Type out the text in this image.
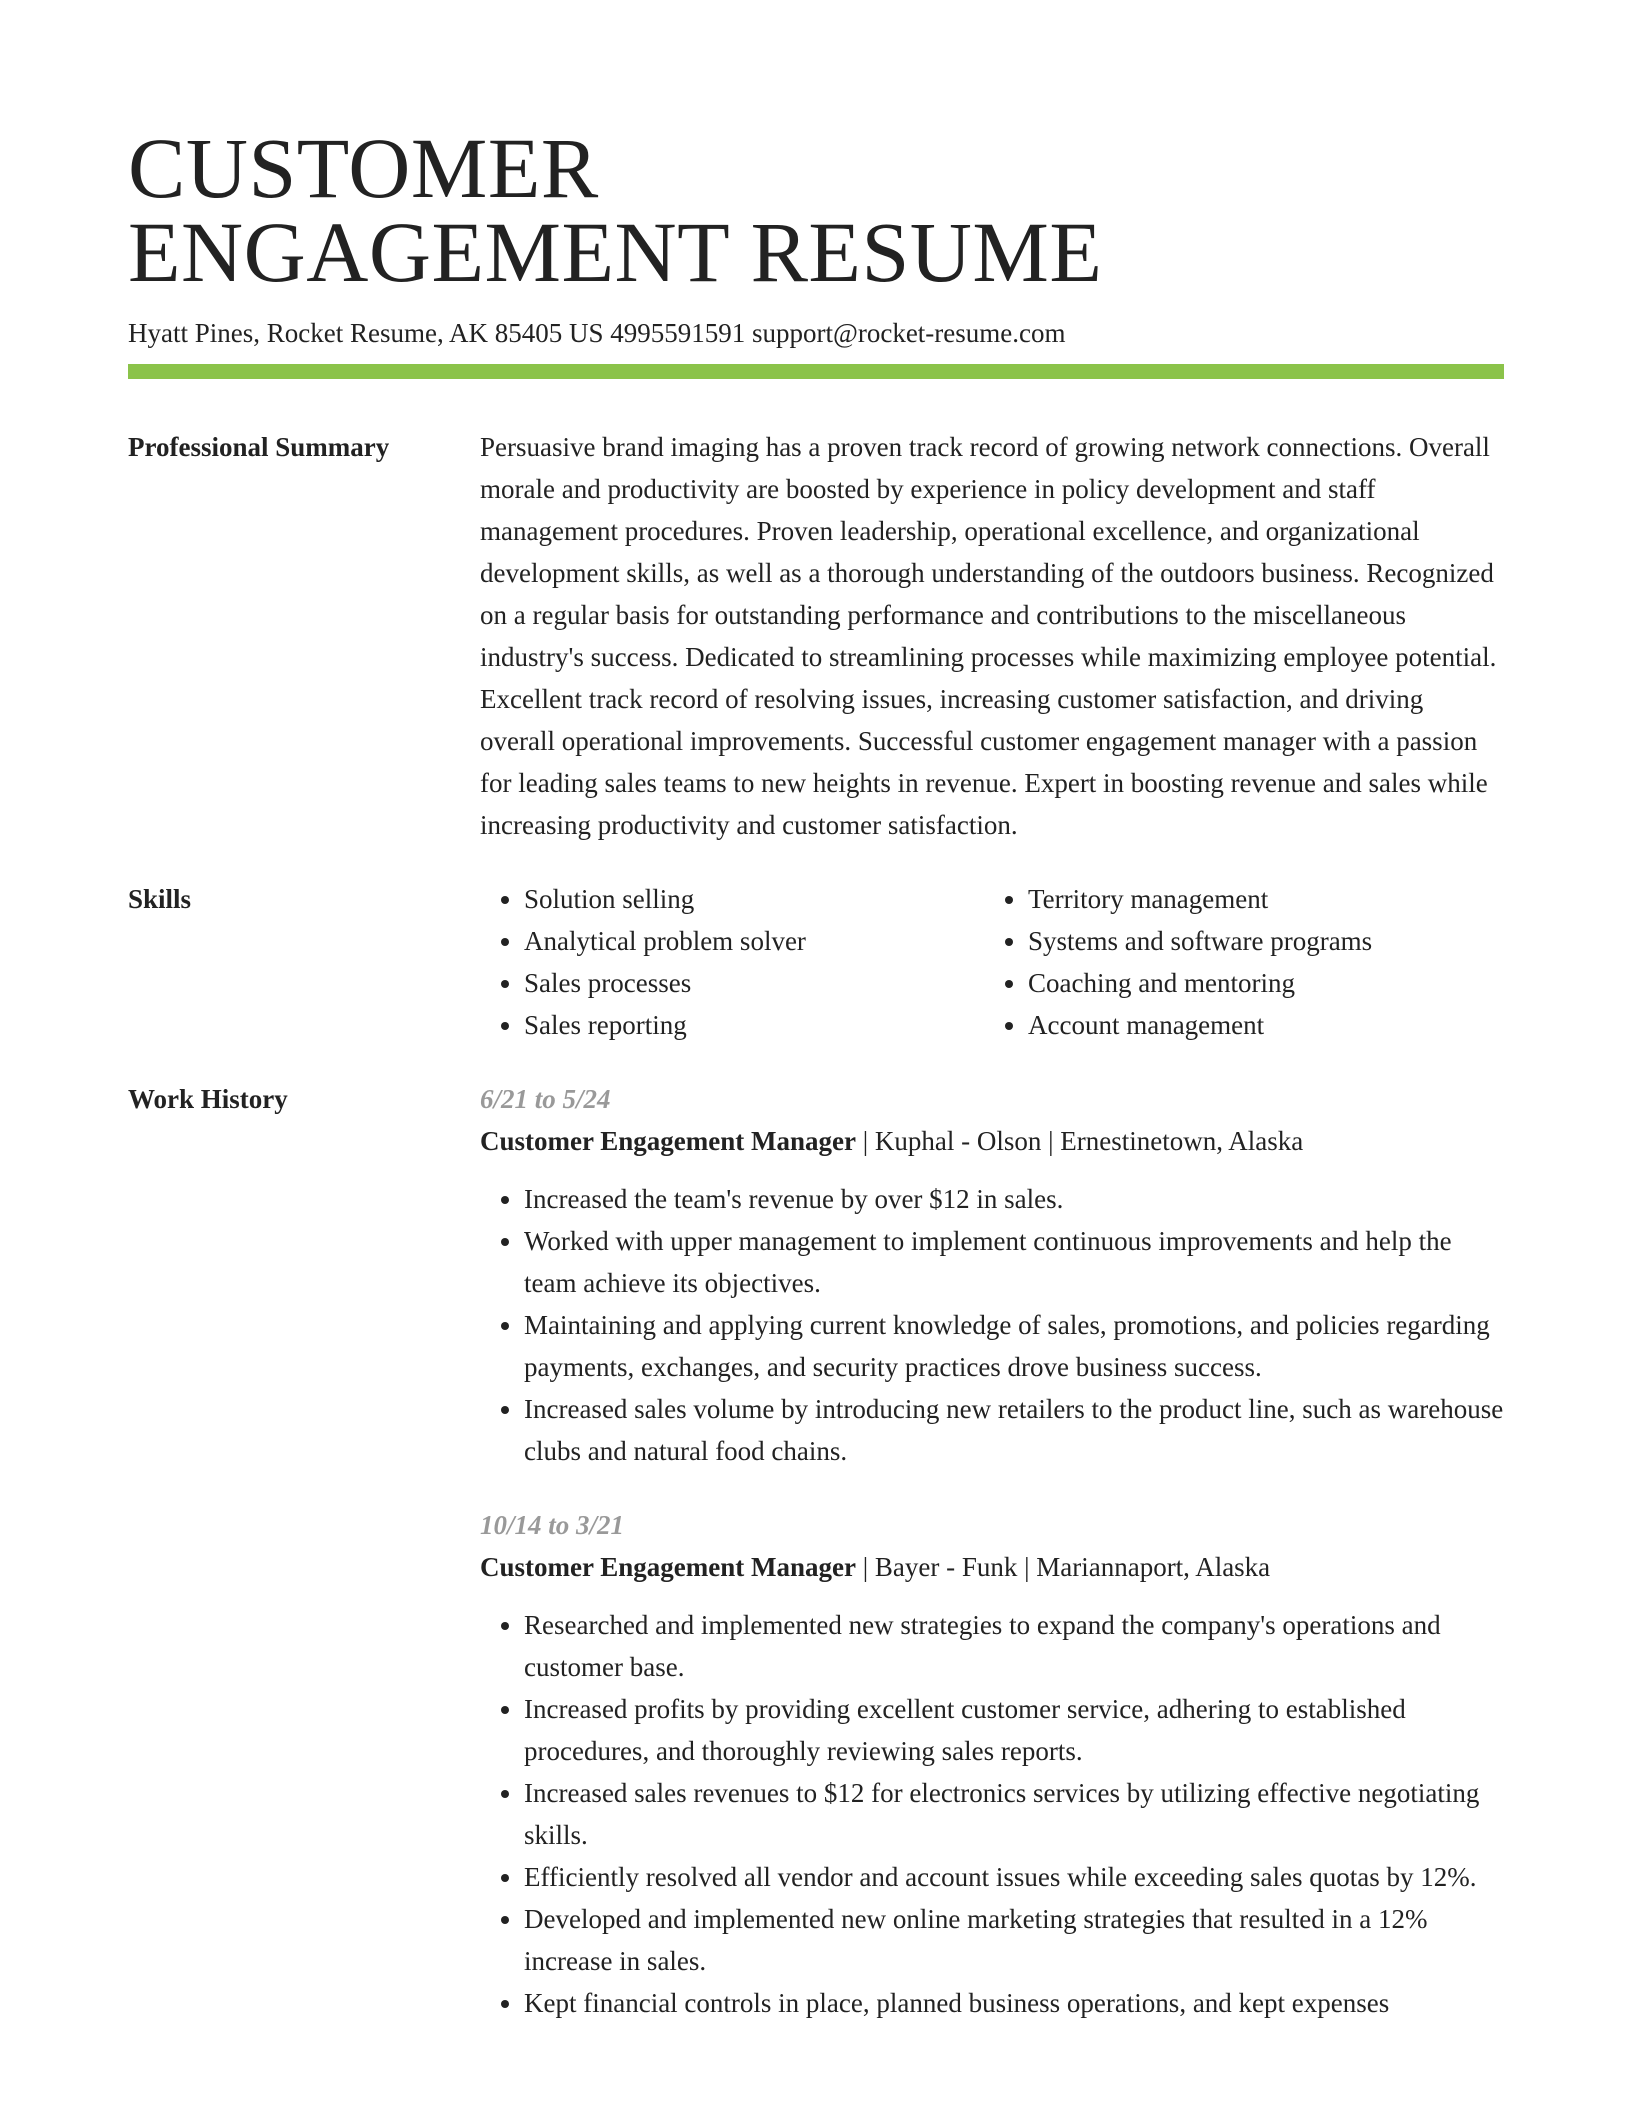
CUSTOMER
ENGAGEMENT RESUME
Hyatt Pines, Rocket Resume, AK 85405 US 4995591591 support@rocket-resume.com
Professional Summary	Persuasive brand imaging has a proven track record of growing network connections. Overall morale and productivity are boosted by experience in policy development and staff management procedures. Proven leadership, operational excellence, and organizational development skills, as well as a thorough understanding of the outdoors business. Recognized on a regular basis for outstanding performance and contributions to the miscellaneous industry's success. Dedicated to streamlining processes while maximizing employee potential. Excellent track record of resolving issues, increasing customer satisfaction, and driving overall operational improvements. Successful customer engagement manager with a passion for leading sales teams to new heights in revenue. Expert in boosting revenue and sales while increasing productivity and customer satisfaction.
Skills
•	Solution selling
• Analytical problem solver
• Sales processes
• Sales reporting
• Territory management
• Systems and software programs
• Coaching and mentoring
• Account management
Work History	6/21 to 5/24
Customer Engagement Manager | Kuphal - Olson | Ernestinetown, Alaska
• Increased the team's revenue by over $12 in sales.
• Worked with upper management to implement continuous improvements and help the team achieve its objectives.
• Maintaining and applying current knowledge of sales, promotions, and policies regarding payments, exchanges, and security practices drove business success.
• Increased sales volume by introducing new retailers to the product line, such as warehouse clubs and natural food chains.
10/14 to 3/21
Customer Engagement Manager | Bayer - Funk | Mariannaport, Alaska
• Researched and implemented new strategies to expand the company's operations and customer base.
• Increased profits by providing excellent customer service, adhering to established procedures, and thoroughly reviewing sales reports.
• Increased sales revenues to $12 for electronics services by utilizing effective negotiating skills.
• Efficiently resolved all vendor and account issues while exceeding sales quotas by 12%.
• Developed and implemented new online marketing strategies that resulted in a 12% increase in sales.
• Kept financial controls in place, planned business operations, and kept expenses
